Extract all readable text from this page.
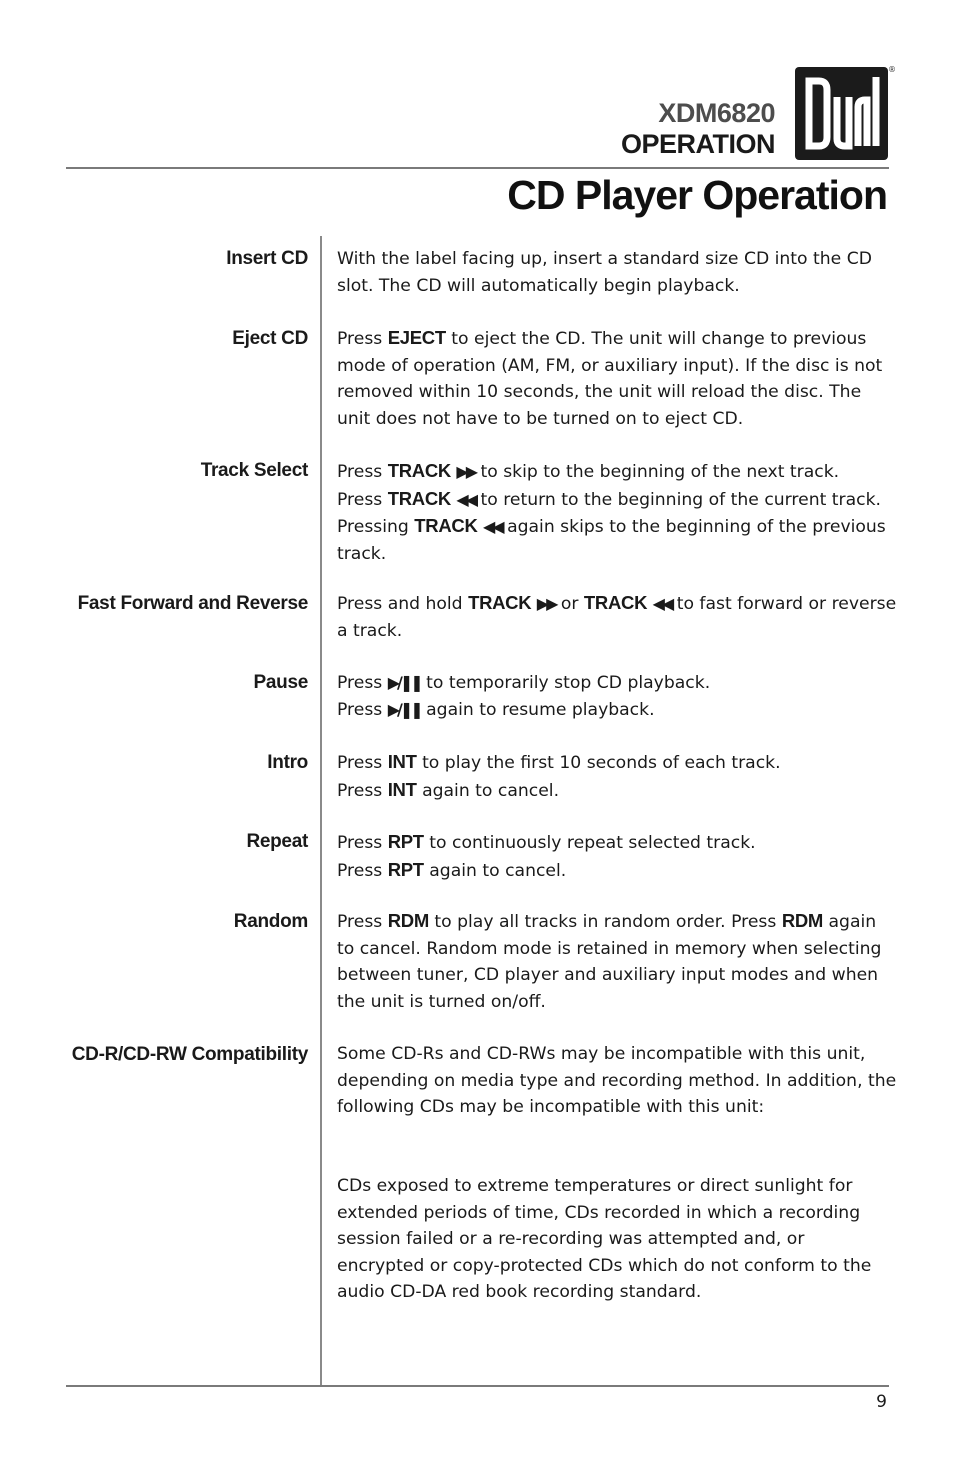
XDM6820 OPERATION
®
CD Player Operation
Insert CD With the label facing up, insert a standard size CD into the CD slot. The CD will automatically begin playback.

Eject CD Press EJECT to eject the CD. The unit will change to previous mode of operation (AM, FM, or auxiliary input). If the disc is not removed within 10 seconds, the unit will reload the disc. The unit does not have to be turned on to eject CD.

Track Select Press TRACK ▶▶ to skip to the beginning of the next track.
Press TRACK ◀◀ to return to the beginning of the current track. Pressing TRACK ◀◀ again skips to the beginning of the previous track.

Fast Forward and Reverse Press and hold TRACK ▶▶ or TRACK ◀◀ to fast forward or reverse a track.

Pause Press ▶/❚❚ to temporarily stop CD playback.
Press ▶/❚❚ again to resume playback.

Intro Press INT to play the first 10 seconds of each track.
Press INT again to cancel.

Repeat Press RPT to continuously repeat selected track.
Press RPT again to cancel.

Random Press RDM to play all tracks in random order. Press RDM again to cancel. Random mode is retained in memory when selecting between tuner, CD player and auxiliary input modes and when the unit is turned on/off.

CD-R/CD-RW Compatibility Some CD-Rs and CD-RWs may be incompatible with this unit, depending on media type and recording method. In addition, the following CDs may be incompatible with this unit:

CDs exposed to extreme temperatures or direct sunlight for extended periods of time, CDs recorded in which a recording session failed or a re-recording was attempted and, or encrypted or copy-protected CDs which do not conform to the audio CD-DA red book recording standard.

9
